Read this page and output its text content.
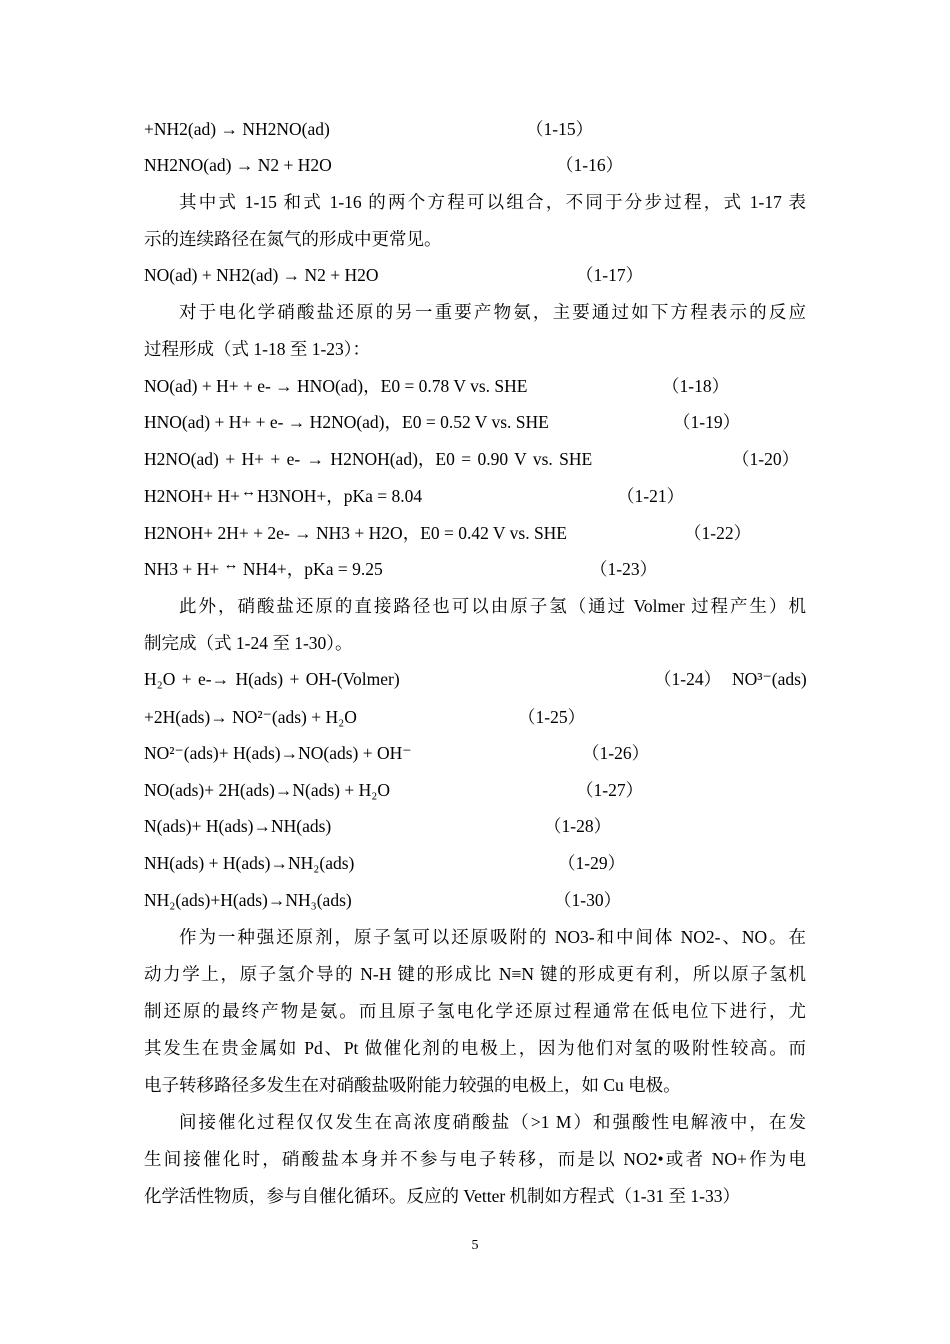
+NH2(ad) → NH2NO(ad)	（1-15）
NH2NO(ad) → N2 + H2O	（1-16）
其中式 1-15 和式 1-16 的两个方程可以组合，不同于分步过程，式 1-17 表
示的连续路径在氮气的形成中更常见。
NO(ad) + NH2(ad) → N2 + H2O	（1-17）
对于电化学硝酸盐还原的另一重要产物氨，主要通过如下方程表示的反应
过程形成（式 1-18 至 1-23）：
NO(ad) + H+ + e- → HNO(ad)，E0 = 0.78 V vs. SHE	（1-18）
HNO(ad) + H+ + e- → H2NO(ad)，E0 = 0.52 V vs. SHE	（1-19）
H2NO(ad) + H+ + e- → H2NOH(ad)，E0 = 0.90 V vs. SHE	（1-20）
H2NOH+ H+↔H3NOH+，pKa = 8.04	（1-21）
H2NOH+ 2H+ + 2e- → NH3 + H2O，E0 = 0.42 V vs. SHE	（1-22）
NH3 + H+ ↔ NH4+，pKa = 9.25	（1-23）
此外，硝酸盐还原的直接路径也可以由原子氢（通过 Volmer 过程产生）机
制完成（式 1-24 至 1-30）。
H₂O + e-→ H(ads) + OH-(Volmer)	（1-24） NO³⁻(ads)
+2H(ads)→ NO²⁻(ads) + H₂O	（1-25）
NO²⁻(ads)+ H(ads)→NO(ads) + OH⁻	（1-26）
NO(ads)+ 2H(ads)→N(ads) + H₂O	（1-27）
N(ads)+ H(ads)→NH(ads)	（1-28）
NH(ads) + H(ads)→NH₂(ads)	（1-29）
NH₂(ads)+H(ads)→NH₃(ads)	（1-30）
作为一种强还原剂，原子氢可以还原吸附的 NO3-和中间体 NO2-、NO。在
动力学上，原子氢介导的 N-H 键的形成比 N≡N 键的形成更有利，所以原子氢机
制还原的最终产物是氨。而且原子氢电化学还原过程通常在低电位下进行，尤
其发生在贵金属如 Pd、Pt 做催化剂的电极上，因为他们对氢的吸附性较高。而
电子转移路径多发生在对硝酸盐吸附能力较强的电极上，如 Cu 电极。
间接催化过程仅仅发生在高浓度硝酸盐（>1 M）和强酸性电解液中，在发
生间接催化时，硝酸盐本身并不参与电子转移，而是以 NO2•或者 NO+作为电
化学活性物质，参与自催化循环。反应的 Vetter 机制如方程式（1-31 至 1-33）
5
